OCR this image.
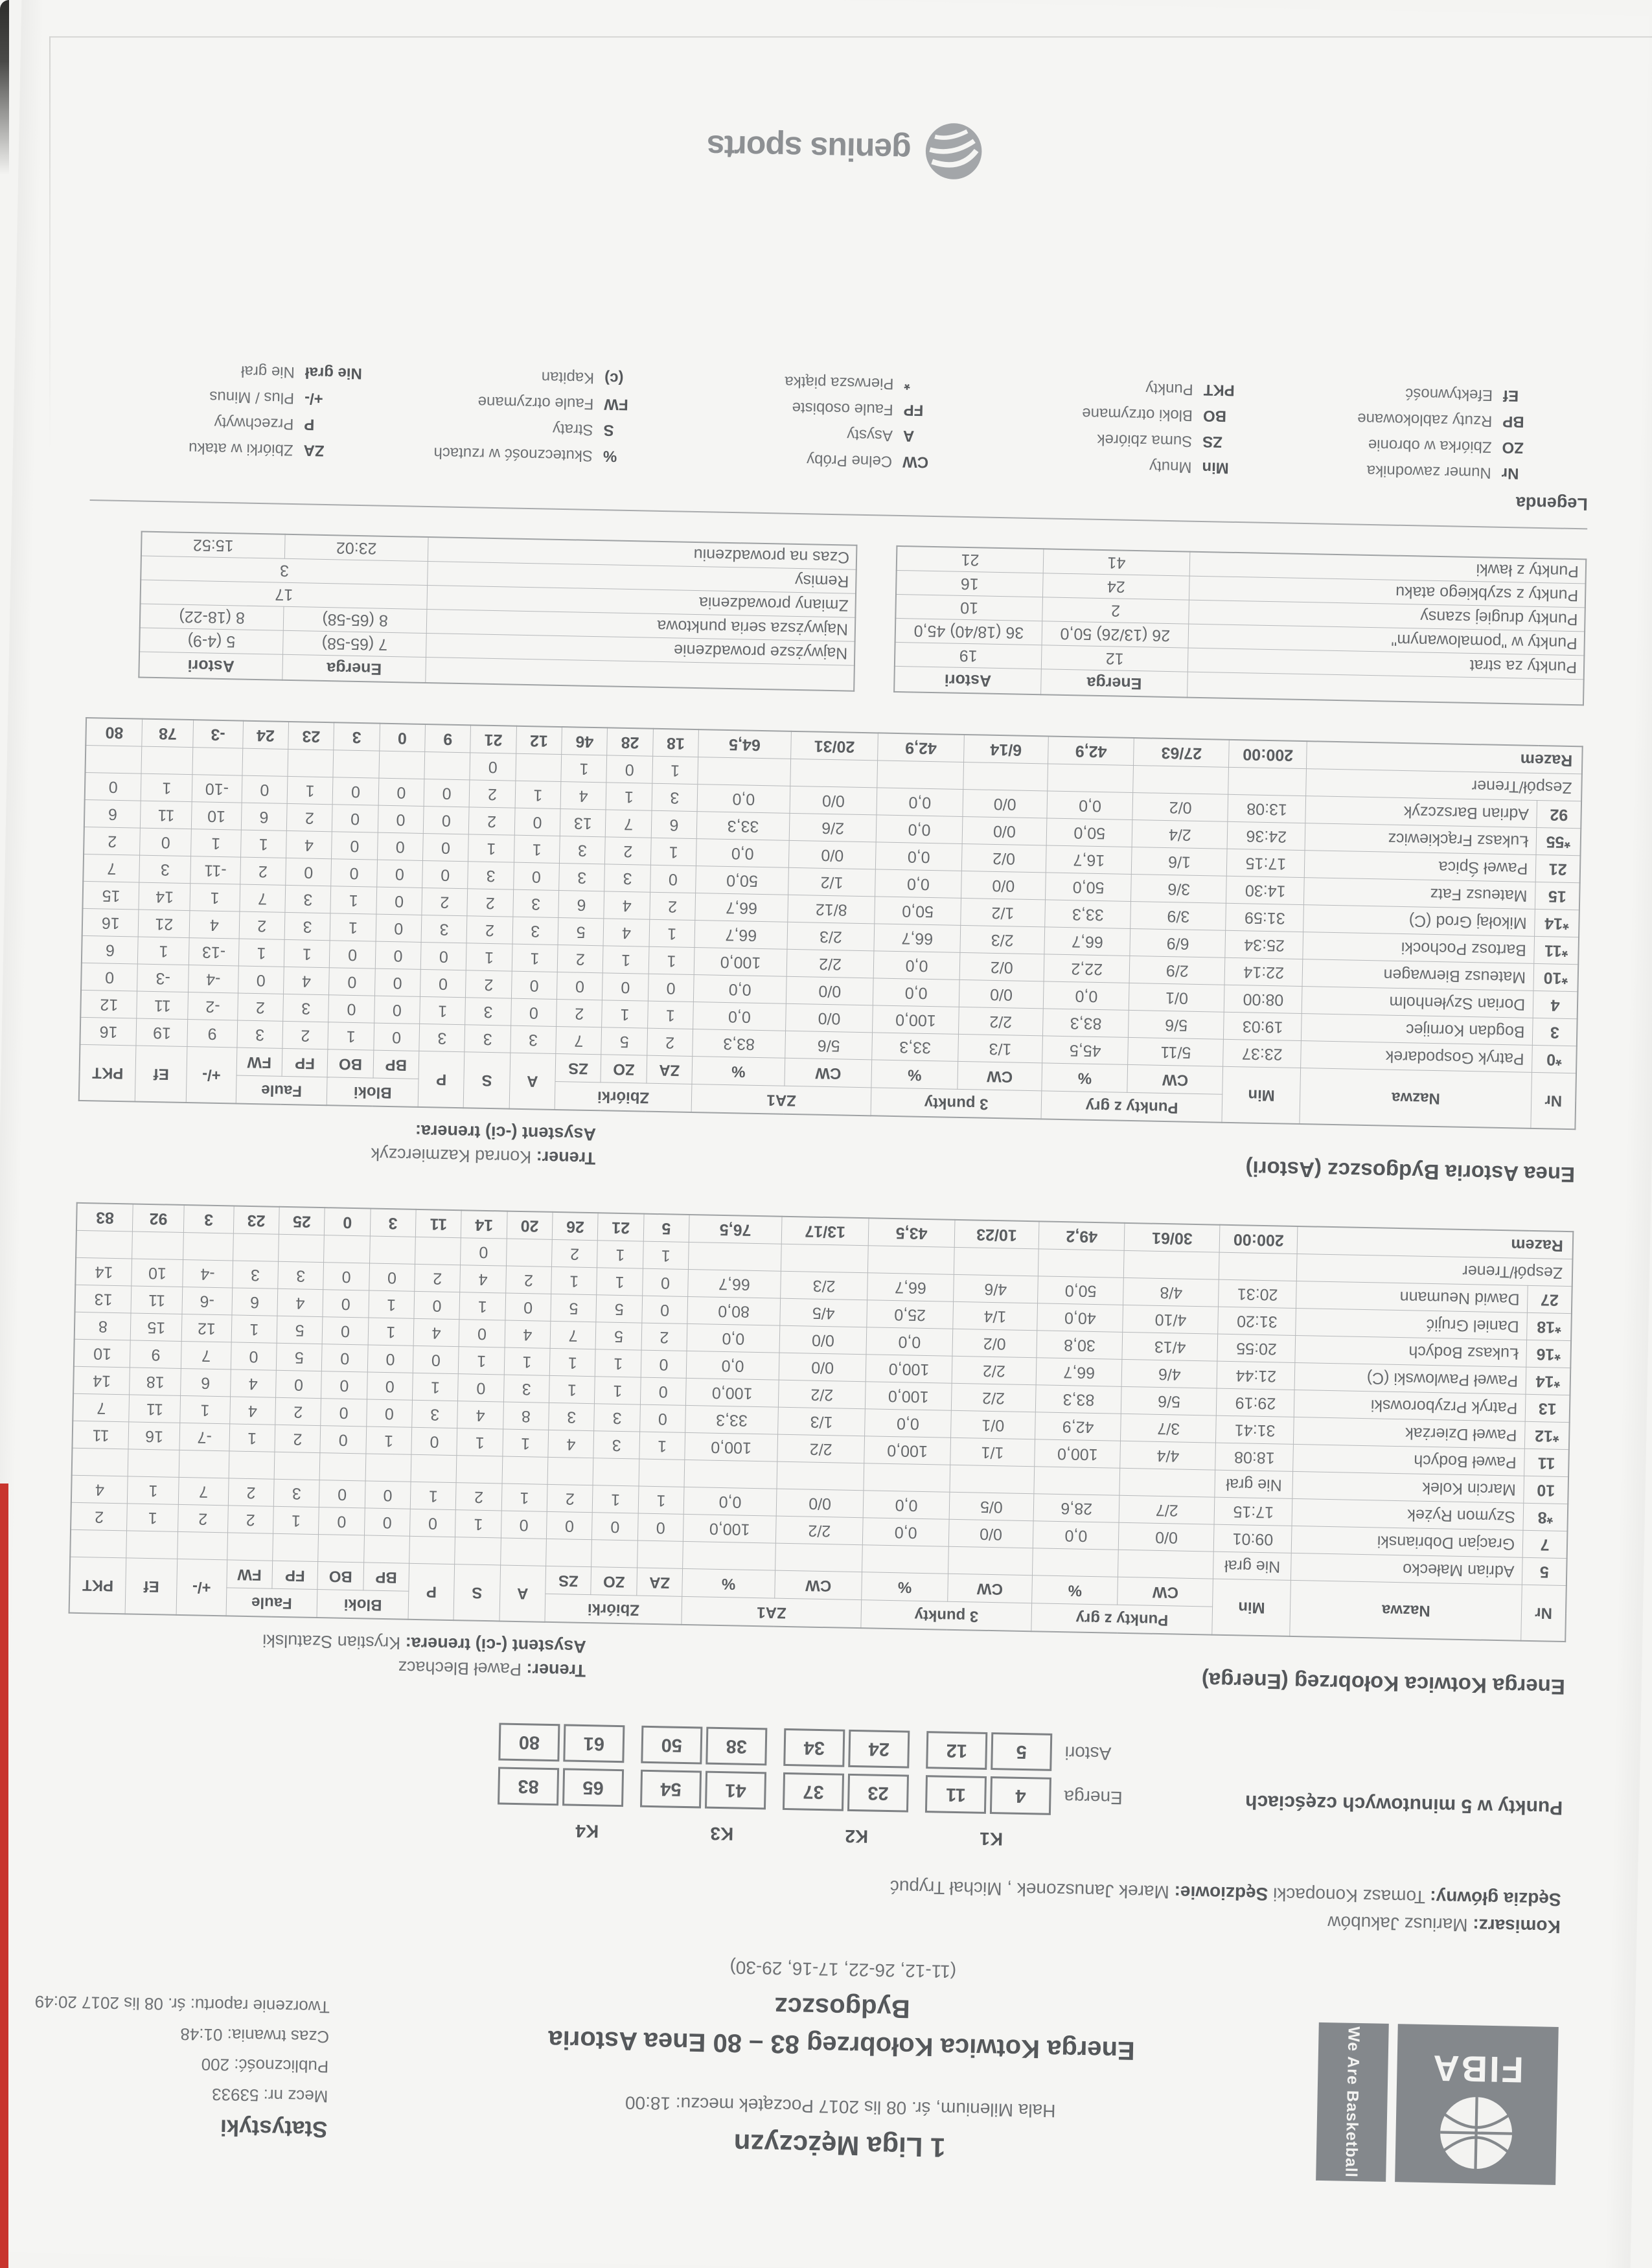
FIBA
We Are Basketball
1 Liga Mężczyzn
Hala Milenium, śr. 08 lis 2017 Początek meczu: 18:00
Energa Kotwica Kołobrzeg 83 – 80 Enea Astoria Bydgoszcz
(11-12, 26-22, 17-16, 29-30)
Statystyki
Mecz nr: 53933
Publiczność: 200
Czas trwania: 01:48
Tworzenie raportu: śr. 08 lis 2017 20:49
Komisarz: Mariusz Jakubów
Sędzia główny: Tomasz Konopacki Sędziowie: Marek Januszonek , Michał Trypuć
Punkty w 5 minutowych częściach
K1
K2
K3
K4
Energa
4
11
23
37
41
54
65
83
Astori
5
12
24
34
38
50
61
80
Energa Kotwica Kołobrzeg (Energa)
Trener: Paweł Blechacz
Asystent (-ci) trenera: Krystian Szatulski
Nr	Nazwa	Min	Punkty z gry		3 punkty		ZA1		Zbiórki			A	S	P	Bloki		Faule		+/-	Ef	PKT
			CW	%	CW	%	CW	%	ZA	ZO	ZS				BP	BO	FP	FW			
5	Adrian Małecko	Nie grał																			
7	Gracjan Dobrianski	09:01	0/0	0,0	0/0	0,0	2/2	100,0	0	0	0	0	1	0	0	0	1	2	2	1	2
*8	Szymon Ryżek	17:15	2/7	28,6	0/5	0,0	0/0	0,0	1	1	2	1	2	1	0	0	3	2	7	1	4
10	Marcin Kolek	Nie grał																			
11	Paweł Bodych	18:08	4/4	100,0	1/1	100,0	2/2	100,0	1	3	4	1	1	0	1	0	2	1	-7	16	11
*12	Paweł Dzierżak	31:41	3/7	42,9	0/1	0,0	1/3	33,3	0	3	3	8	4	3	0	0	2	4	1	11	7
13	Patryk Przyborowski	29:19	5/6	83,3	2/2	100,0	2/2	100,0	0	1	1	3	0	1	0	0	0	4	6	18	14
*14	Paweł Pawlowski (C)	21:44	4/6	66,7	2/2	100,0	0/0	0,0	0	1	1	1	1	0	0	0	5	0	7	9	10
*16	Łukasz Bodych	20:55	4/13	30,8	0/2	0,0	0/0	0,0	2	5	7	4	0	4	1	0	5	1	12	15	8
*18	Daniel Grujić	31:20	4/10	40,0	1/4	25,0	4/5	80,0	0	5	5	0	1	0	1	0	4	6	-6	11	13
27	Dawid Neumann	20:31	4/8	50,0	4/6	66,7	2/3	66,7	0	1	1	2	4	2	0	0	3	3	-4	10	14
Zespół/Trener									1	1	2		0								
Razem		200:00	30/61	49,2	10/23	43,5	13/17	76,5	5	21	26	20	14	11	3	0	25	23	3	92	83
Enea Astoria Bydgoszcz (Astori)
Trener: Konrad Kazmierczyk
Asystent (-ci) trenera:
Nr	Nazwa	Min	Punkty z gry		3 punkty		ZA1		Zbiórki			A	S	P	Bloki		Faule		+/-	Ef	PKT
			CW	%	CW	%	CW	%	ZA	ZO	ZS				BP	BO	FP	FW			
*0	Patryk Gospodarek	23:37	5/11	45,5	1/3	33,3	5/6	83,3	2	5	7	3	3	3	0	1	2	3	9	19	16
3	Bogdan Kornijec	19:03	5/6	83,3	2/2	100,0	0/0	0,0	1	1	2	0	3	1	0	0	3	2	-2	11	12
4	Dorian Szyłenholm	08:00	0/1	0,0	0/0	0,0	0/0	0,0	0	0	0	0	2	0	0	0	4	0	-4	-3	0
*10	Mateusz Bierwagen	22:14	2/9	22,2	0/2	0,0	2/2	100,0	1	1	2	1	1	0	0	0	1	1	-13	1	6
*11	Bartosz Pochocki	25:34	6/9	66,7	2/3	66,7	2/3	66,7	1	4	5	3	2	3	0	1	3	2	4	21	16
*14	Mikołaj Grod (C)	31:59	3/9	33,3	1/2	50,0	8/12	66,7	2	4	6	3	2	2	0	1	3	7	1	14	15
15	Mateusz Fatz	14:30	3/6	50,0	0/0	0,0	1/2	50,0	0	3	3	0	3	0	0	0	0	2	-11	3	7
21	Paweł Śpica	17:15	1/6	16,7	0/2	0,0	0/0	0,0	1	2	3	1	1	0	0	0	4	1	1	0	2
*55	Łukasz Frąckiewicz	24:36	2/4	50,0	0/0	0,0	2/6	33,3	6	7	13	0	2	0	0	0	2	6	10	11	6
92	Adrian Barszczyk	13:08	0/2	0,0	0/0	0,0	0/0	0,0	3	1	4	1	2	0	0	0	1	0	-10	1	0
Zespół/Trener									1	0	1		0								
Razem		200:00	27/63	42,9	6/14	42,9	20/31	64,5	18	28	46	12	21	9	0	3	23	24	-3	78	80
	Energa	Astori
Punkty za strat	12	19
Punkty w "pomalowanym"	26 (13/26) 50,0	36 (18/40) 45,0
Punkty drugiej szansy	2	10
Punkty z szybkiego ataku	24	16
Punkty z ławki	41	21
	Energa	Astori
Najwyższe prowadzenie	7 (65-58)	5 (4-9)
Najwyższa seria punktowa	8 (65-58)	8 (18-22)
Zmiany prowadzenia	17	
Remisy	3	
Czas na prowadzeniu	23:02	15:52
Legenda
Nr
Numer zawodnika
Min
Mnuty
CW
Celne Próby
%
Skuteczność w rzutach
ZA
Zbiórki w ataku	ZO
Zbiórka w obronie
ZS
Suma zbiórek
A
Asysty
S
Straty
P
Przechwyty	BP
Rzuty zablokowane
BO
Bloki otrzymane
FP
Faule osobiste
FW
Faule otrzymane
+/-
Plus / Minus	Ef
Efektywność
PKT
Punkty
*
Pierwsza piątka
(c)
Kapitan
Nie grał
Nie grał
genius sports
